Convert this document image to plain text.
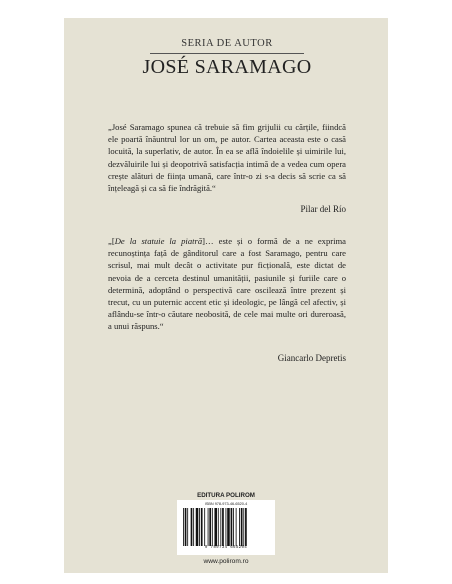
SERIA DE AUTOR
JOSÉ SARAMAGO

„José Saramago spunea că trebuie să fim grijulii cu cărțile, fiindcă ele poartă înăuntrul lor un om, pe autor. Cartea aceasta este o casă locuită, la superlativ, de autor. În ea se află îndoielile și uimirile lui, dezvăluirile lui și deopotrivă satisfacția intimă de a vedea cum opera crește alături de ființa umană, care într-o zi s-a decis să scrie ca să înțeleagă și ca să fie îndrăgită.“

Pilar del Río

„[De la statuie la piatră]… este și o formă de a ne exprima recunoștința față de gânditorul care a fost Saramago, pentru care scrisul, mai mult decât o activitate pur ficțională, este dictat de nevoia de a cerceta destinul umanității, pasiunile și furiile care o determină, adoptând o perspectivă care oscilează între prezent și trecut, cu un puternic accent etic și ideologic, pe lângă cel afectiv, și aflându-se într-o căutare neobosită, de cele mai multe ori dureroasă, a unui răspuns.“

Giancarlo Depretis
EDITURA POLIROM
ISBN 978-973-46-6520-4
9 789734 665204
www.polirom.ro
